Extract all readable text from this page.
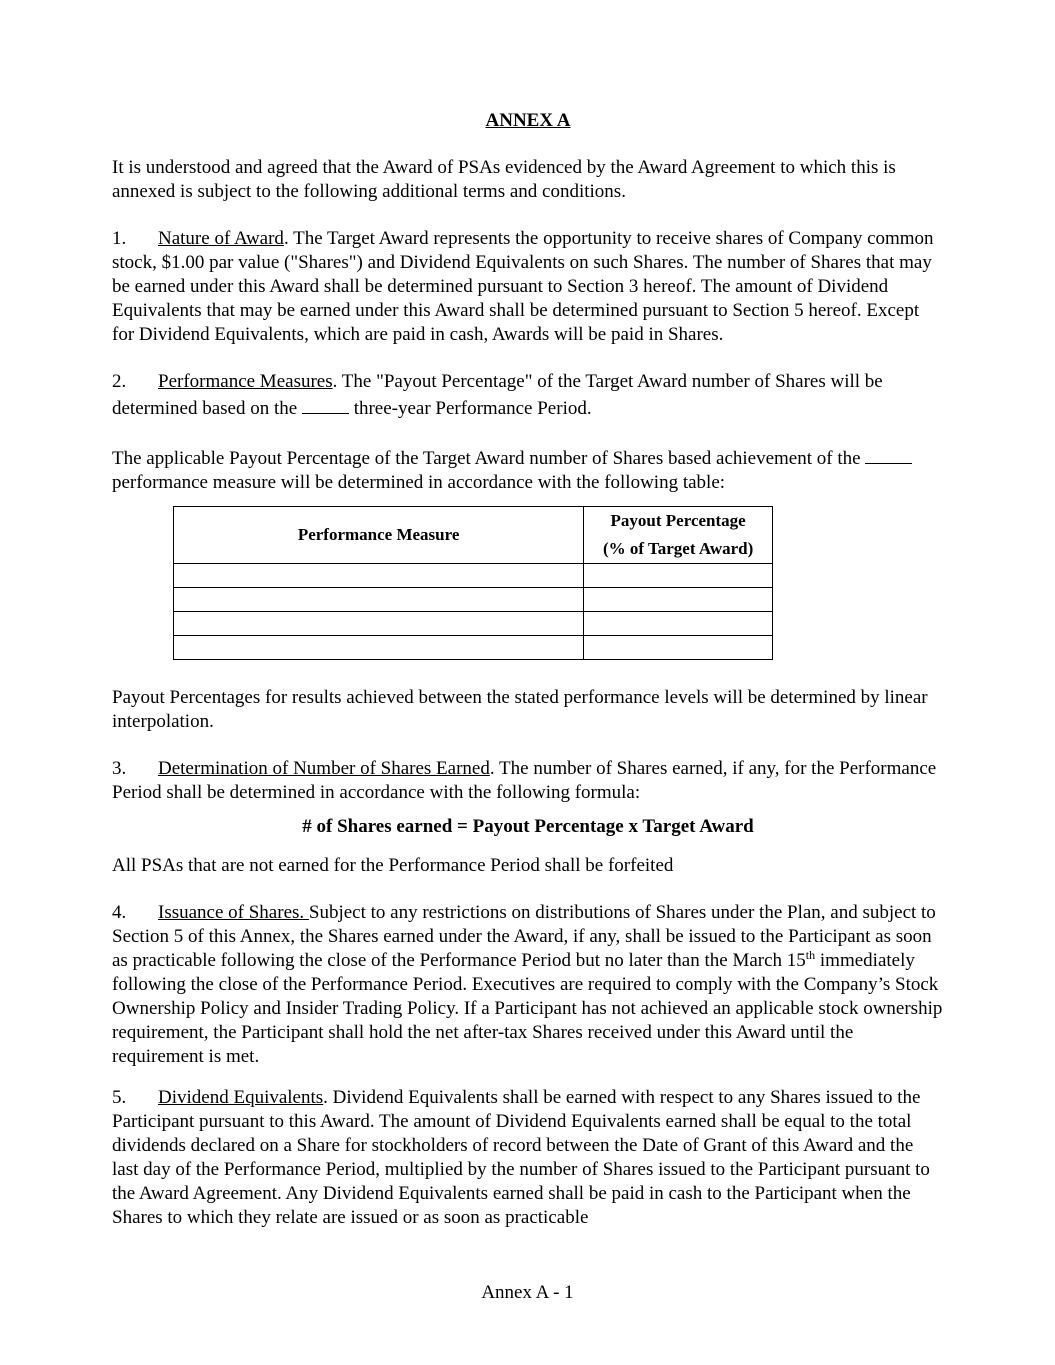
ANNEX A

It is understood and agreed that the Award of PSAs evidenced by the Award Agreement to which this is annexed is subject to the following additional terms and conditions.

1. Nature of Award. The Target Award represents the opportunity to receive shares of Company common stock, $1.00 par value ("Shares") and Dividend Equivalents on such Shares. The number of Shares that may be earned under this Award shall be determined pursuant to Section 3 hereof. The amount of Dividend Equivalents that may be earned under this Award shall be determined pursuant to Section 5 hereof. Except for Dividend Equivalents, which are paid in cash, Awards will be paid in Shares.

2. Performance Measures. The "Payout Percentage" of the Target Award number of Shares will be determined based on the  three-year Performance Period.

The applicable Payout Percentage of the Target Award number of Shares based achievement of the  performance measure will be determined in accordance with the following table:

Performance Measure	Payout Percentage
(% of Target Award)

Payout Percentages for results achieved between the stated performance levels will be determined by linear interpolation.

3. Determination of Number of Shares Earned. The number of Shares earned, if any, for the Performance Period shall be determined in accordance with the following formula:

# of Shares earned = Payout Percentage x Target Award

All PSAs that are not earned for the Performance Period shall be forfeited

4. Issuance of Shares. Subject to any restrictions on distributions of Shares under the Plan, and subject to Section 5 of this Annex, the Shares earned under the Award, if any, shall be issued to the Participant as soon as practicable following the close of the Performance Period but no later than the March 15th immediately following the close of the Performance Period. Executives are required to comply with the Company’s Stock Ownership Policy and Insider Trading Policy. If a Participant has not achieved an applicable stock ownership requirement, the Participant shall hold the net after-tax Shares received under this Award until the requirement is met.

5. Dividend Equivalents. Dividend Equivalents shall be earned with respect to any Shares issued to the Participant pursuant to this Award. The amount of Dividend Equivalents earned shall be equal to the total dividends declared on a Share for stockholders of record between the Date of Grant of this Award and the last day of the Performance Period, multiplied by the number of Shares issued to the Participant pursuant to the Award Agreement. Any Dividend Equivalents earned shall be paid in cash to the Participant when the Shares to which they relate are issued or as soon as practicable

Annex A - 1
